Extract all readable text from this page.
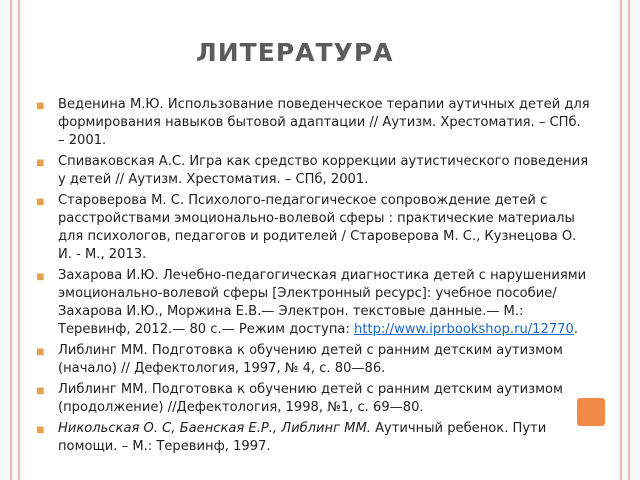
ЛИТЕРАТУРА
◾ Веденина М.Ю. Использование поведенческое терапии аутичных детей для формирования навыков бытовой адаптации // Аутизм. Хрестоматия. – СПб. – 2001.
◾ Спиваковская А.С. Игра как средство коррекции аутистического поведения у детей // Аутизм. Хрестоматия. – СПб, 2001.
◾ Староверова М. С. Психолого-педагогическое сопровождение детей с расстройствами эмоционально-волевой сферы : практические материалы для психологов, педагогов и родителей / Староверова М. С., Кузнецова О. И. - М., 2013.
◾ Захарова И.Ю. Лечебно-педагогическая диагностика детей с нарушениями эмоционально-волевой сферы [Электронный ресурс]: учебное пособие/ Захарова И.Ю., Моржина Е.В.— Электрон. текстовые данные.— М.: Теревинф, 2012.— 80 c.— Режим доступа: http://www.iprbookshop.ru/12770.
◾ Либлинг ММ. Подготовка к обучению детей с ранним детским аутизмом (начало) // Дефектология, 1997, № 4, с. 80—86.
◾ Либлинг ММ. Подготовка к обучению детей с ранним детским аутизмом (продолжение) //Дефектология, 1998, №1, с. 69—80.
◾ Никольская О. С, Баенская Е.Р., Либлинг ММ. Аутичный ребенок. Пути помощи. – М.: Теревинф, 1997.
